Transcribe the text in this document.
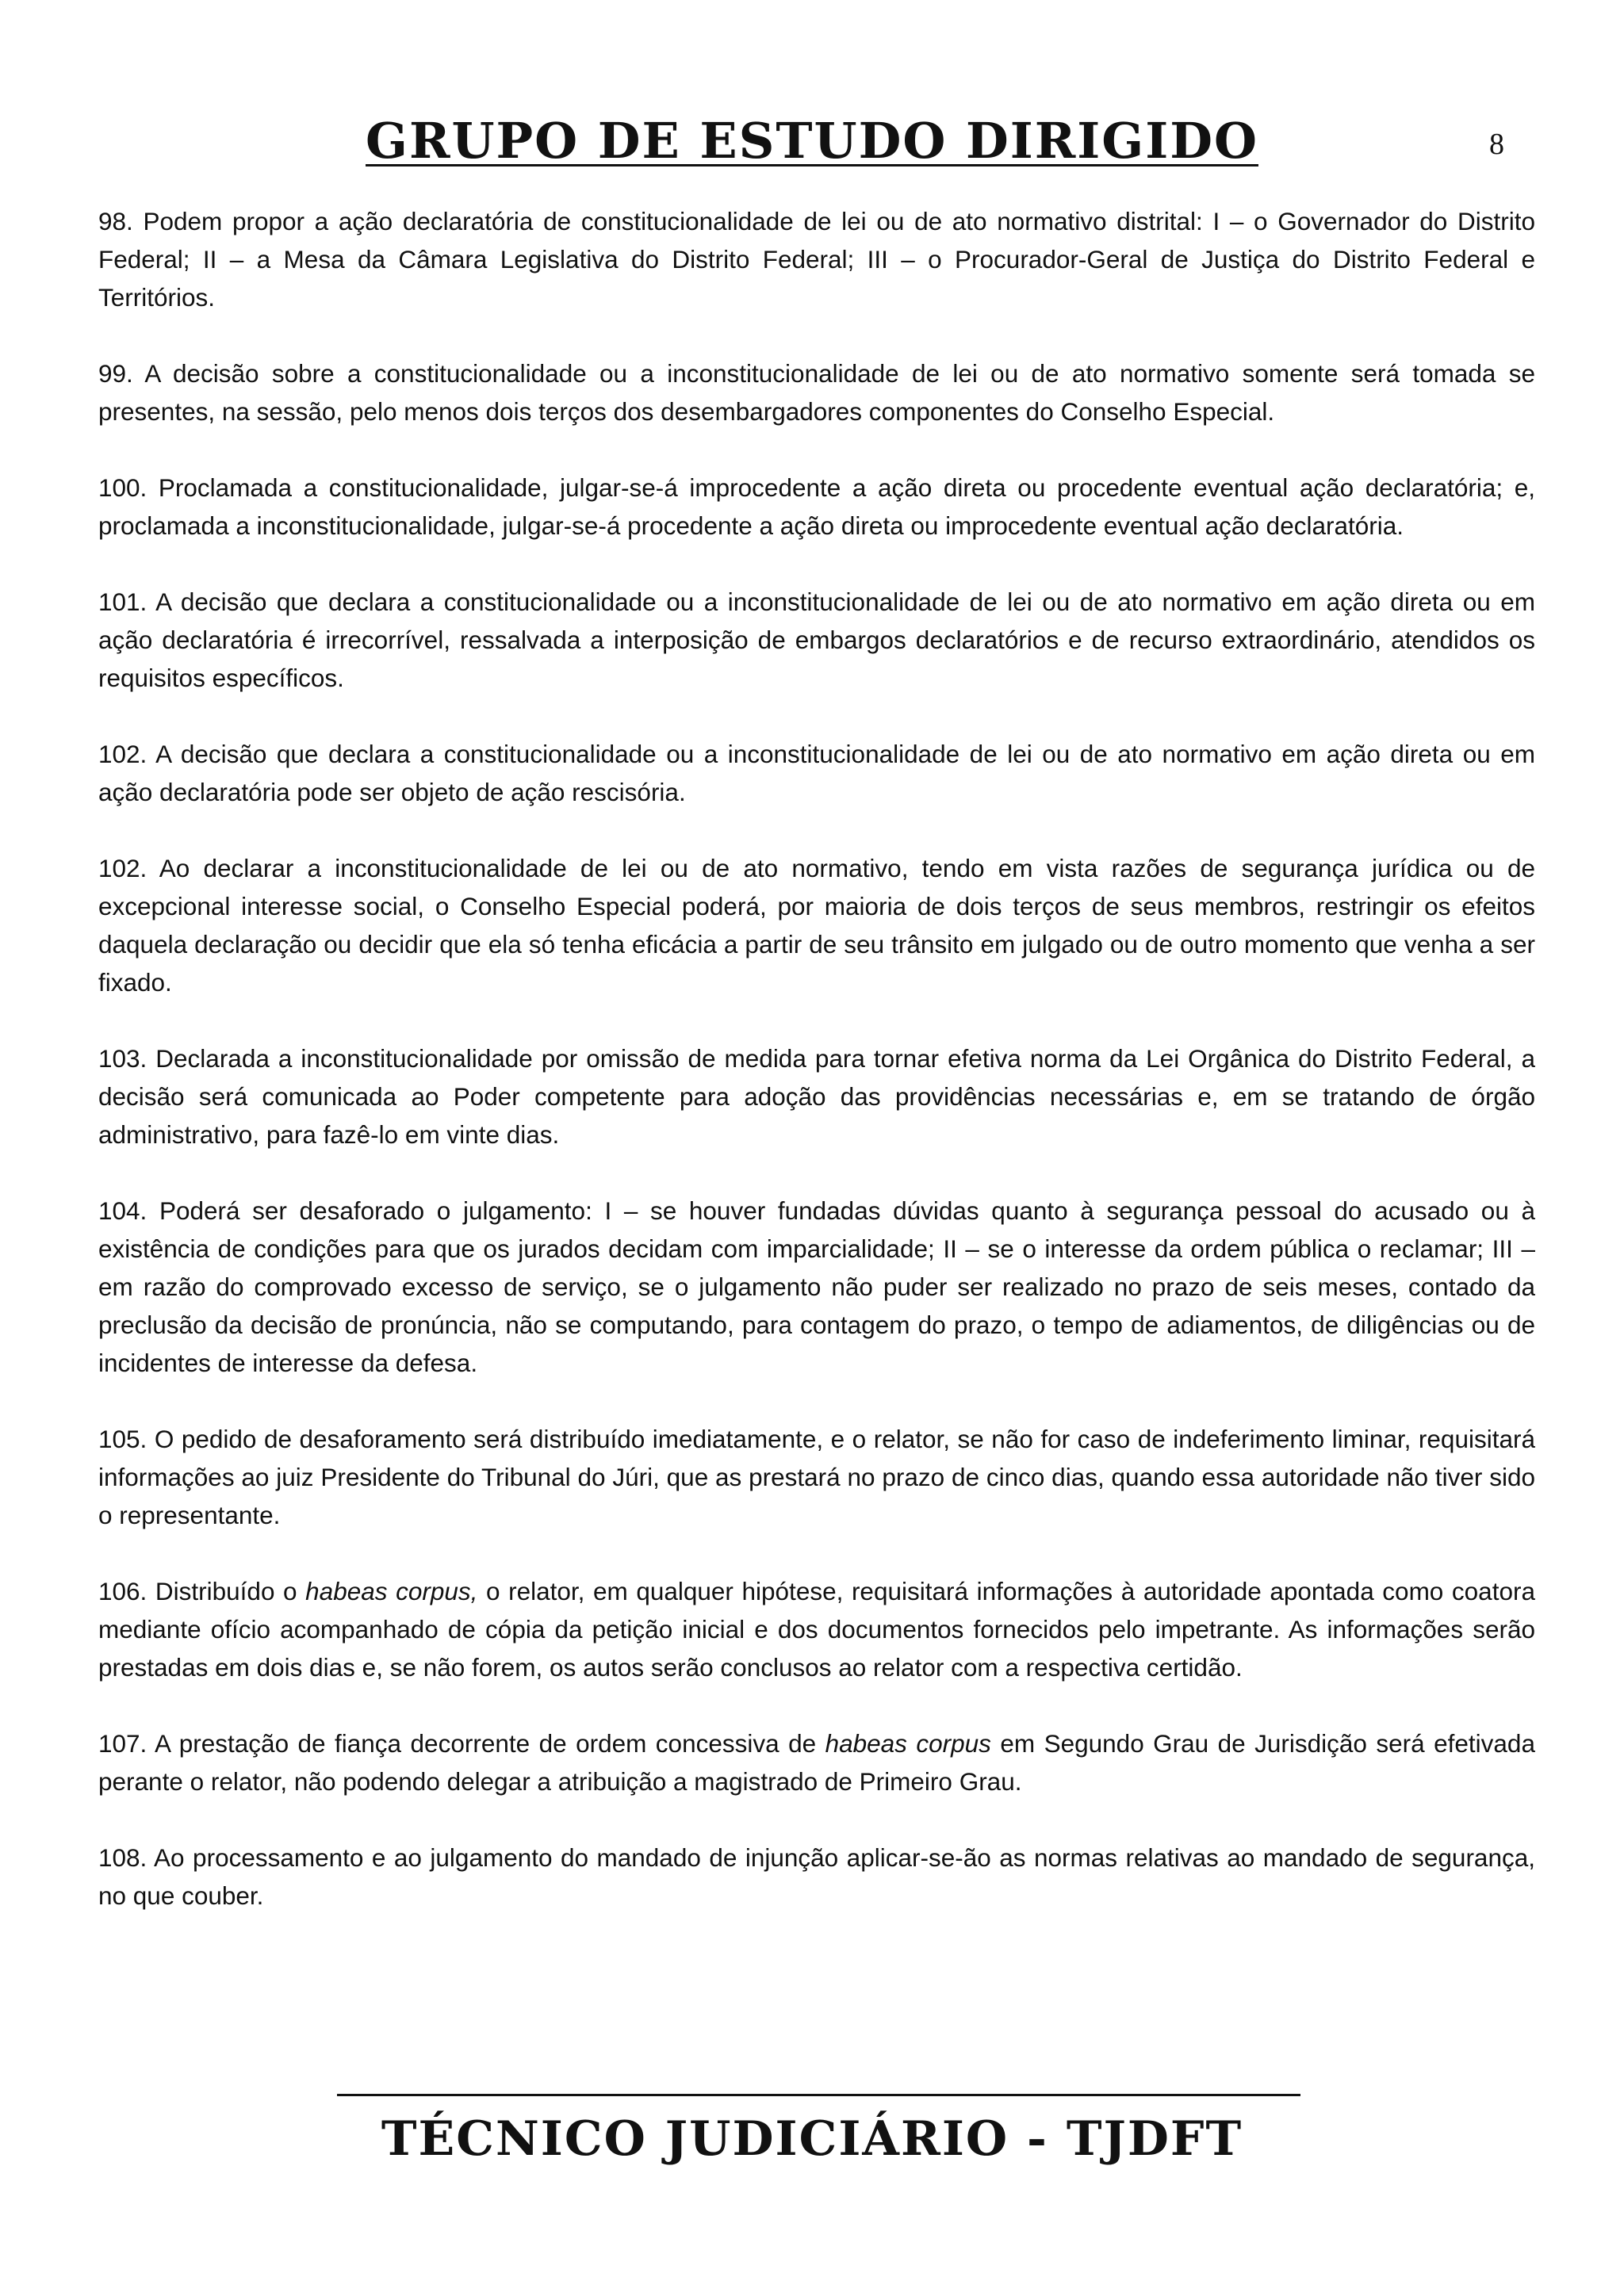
GRUPO DE ESTUDO DIRIGIDO	8

98. Podem propor a ação declaratória de constitucionalidade de lei ou de ato normativo distrital: I – o Governador do Distrito Federal; II – a Mesa da Câmara Legislativa do Distrito Federal; III – o Procurador-Geral de Justiça do Distrito Federal e Territórios.

99. A decisão sobre a constitucionalidade ou a inconstitucionalidade de lei ou de ato normativo somente será tomada se presentes, na sessão, pelo menos dois terços dos desembargadores componentes do Conselho Especial.

100. Proclamada a constitucionalidade, julgar-se-á improcedente a ação direta ou procedente eventual ação declaratória; e, proclamada a inconstitucionalidade, julgar-se-á procedente a ação direta ou improcedente eventual ação declaratória.

101. A decisão que declara a constitucionalidade ou a inconstitucionalidade de lei ou de ato normativo em ação direta ou em ação declaratória é irrecorrível, ressalvada a interposição de embargos declaratórios e de recurso extraordinário, atendidos os requisitos específicos.

102. A decisão que declara a constitucionalidade ou a inconstitucionalidade de lei ou de ato normativo em ação direta ou em ação declaratória pode ser objeto de ação rescisória.

102. Ao declarar a inconstitucionalidade de lei ou de ato normativo, tendo em vista razões de segurança jurídica ou de excepcional interesse social, o Conselho Especial poderá, por maioria de dois terços de seus membros, restringir os efeitos daquela declaração ou decidir que ela só tenha eficácia a partir de seu trânsito em julgado ou de outro momento que venha a ser fixado.

103. Declarada a inconstitucionalidade por omissão de medida para tornar efetiva norma da Lei Orgânica do Distrito Federal, a decisão será comunicada ao Poder competente para adoção das providências necessárias e, em se tratando de órgão administrativo, para fazê-lo em vinte dias.

104. Poderá ser desaforado o julgamento: I – se houver fundadas dúvidas quanto à segurança pessoal do acusado ou à existência de condições para que os jurados decidam com imparcialidade; II – se o interesse da ordem pública o reclamar; III – em razão do comprovado excesso de serviço, se o julgamento não puder ser realizado no prazo de seis meses, contado da preclusão da decisão de pronúncia, não se computando, para contagem do prazo, o tempo de adiamentos, de diligências ou de incidentes de interesse da defesa.

105. O pedido de desaforamento será distribuído imediatamente, e o relator, se não for caso de indeferimento liminar, requisitará informações ao juiz Presidente do Tribunal do Júri, que as prestará no prazo de cinco dias, quando essa autoridade não tiver sido o representante.

106. Distribuído o habeas corpus, o relator, em qualquer hipótese, requisitará informações à autoridade apontada como coatora mediante ofício acompanhado de cópia da petição inicial e dos documentos fornecidos pelo impetrante. As informações serão prestadas em dois dias e, se não forem, os autos serão conclusos ao relator com a respectiva certidão.

107. A prestação de fiança decorrente de ordem concessiva de habeas corpus em Segundo Grau de Jurisdição será efetivada perante o relator, não podendo delegar a atribuição a magistrado de Primeiro Grau.

108. Ao processamento e ao julgamento do mandado de injunção aplicar-se-ão as normas relativas ao mandado de segurança, no que couber.

TÉCNICO JUDICIÁRIO - TJDFT
